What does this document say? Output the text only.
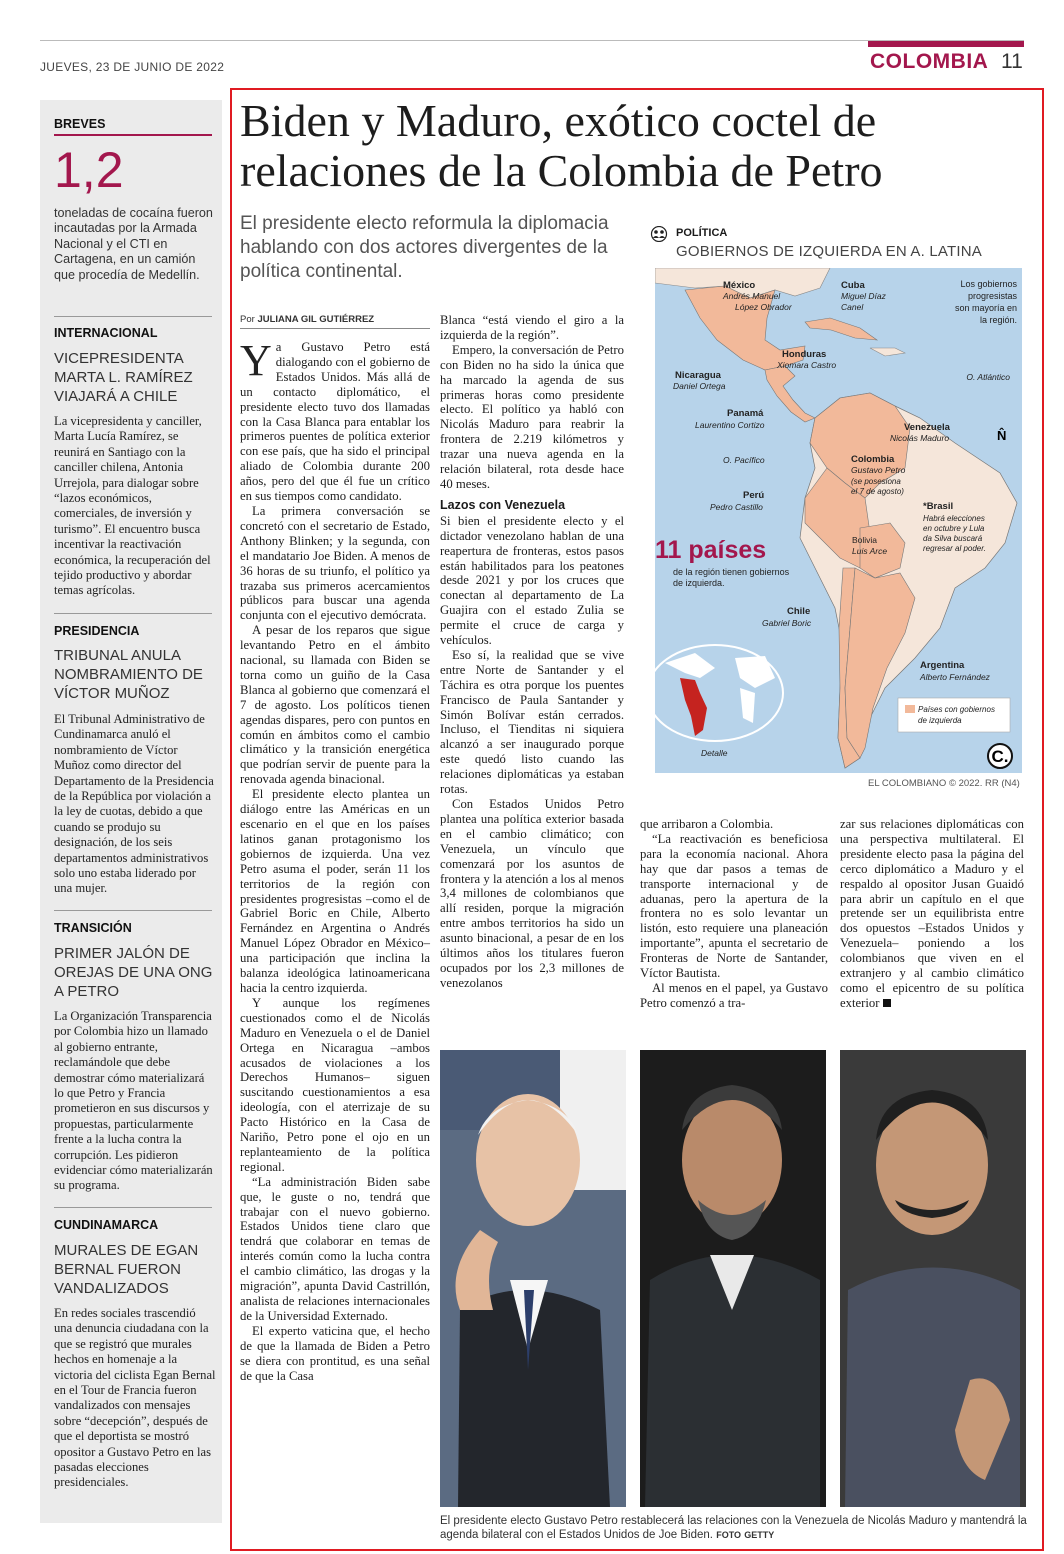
JUEVES, 23 DE JUNIO DE 2022	COLOMBIA 11
BREVES
1,2
toneladas de cocaína fueron incautadas por la Armada Nacional y el CTI en Cartagena, en un camión que procedía de Medellín.
INTERNACIONAL
VICEPRESIDENTA MARTA L. RAMÍREZ VIAJARÁ A CHILE
La vicepresidenta y canciller, Marta Lucía Ramírez, se reunirá en Santiago con la canciller chilena, Antonia Urrejola, para dialogar sobre “lazos económicos, comerciales, de inversión y turismo”. El encuentro busca incentivar la reactivación económica, la recuperación del tejido productivo y abordar temas agrícolas.
PRESIDENCIA
TRIBUNAL ANULA NOMBRAMIENTO DE VÍCTOR MUÑOZ
El Tribunal Administrativo de Cundinamarca anuló el nombramiento de Víctor Muñoz como director del Departamento de la Presidencia de la República por violación a la ley de cuotas, debido a que cuando se produjo su designación, de los seis departamentos administrativos solo uno estaba liderado por una mujer.
TRANSICIÓN
PRIMER JALÓN DE OREJAS DE UNA ONG A PETRO
La Organización Transparencia por Colombia hizo un llamado al gobierno entrante, reclamándole que debe demostrar cómo materializará lo que Petro y Francia prometieron en sus discursos y propuestas, particularmente frente a la lucha contra la corrupción. Les pidieron evidenciar cómo materializarán su programa.
CUNDINAMARCA
MURALES DE EGAN BERNAL FUERON VANDALIZADOS
En redes sociales trascendió una denuncia ciudadana con la que se registró que murales hechos en homenaje a la victoria del ciclista Egan Bernal en el Tour de Francia fueron vandalizados con mensajes sobre “decepción”, después de que el deportista se mostró opositor a Gustavo Petro en las pasadas elecciones presidenciales.
Biden y Maduro, exótico coctel de relaciones de la Colombia de Petro
El presidente electo reformula la diplomacia hablando con dos actores divergentes de la política continental.
Por JULIANA GIL GUTIÉRREZ

Ya Gustavo Petro está dialogando con el gobierno de Estados Unidos. Más allá de un contacto diplomático, el presidente electo tuvo dos llamadas con la Casa Blanca para entablar los primeros puentes de política exterior con ese país, que ha sido el principal aliado de Colombia durante 200 años, pero del que él fue un crítico en sus tiempos como candidato.

La primera conversación se concretó con el secretario de Estado, Anthony Blinken; y la segunda, con el mandatario Joe Biden. A menos de 36 horas de su triunfo, el político ya trazaba sus primeros acercamientos públicos para buscar una agenda conjunta con el ejecutivo demócrata.

A pesar de los reparos que sigue levantando Petro en el ámbito nacional, su llamada con Biden se torna como un guiño de la Casa Blanca al gobierno que comenzará el 7 de agosto. Los políticos tienen agendas dispares, pero con puntos en común en ámbitos como el cambio climático y la transición energética que podrían servir de puente para la renovada agenda binacional.

El presidente electo plantea un diálogo entre las Américas en un escenario en el que en los países latinos ganan protagonismo los gobiernos de izquierda. Una vez Petro asuma el poder, serán 11 los territorios de la región con presidentes progresistas –como el de Gabriel Boric en Chile, Alberto Fernández en Argentina o Andrés Manuel López Obrador en México– una participación que inclina la balanza ideológica latinoamericana hacia la centro izquierda.

Y aunque los regímenes cuestionados como el de Nicolás Maduro en Venezuela o el de Daniel Ortega en Nicaragua –ambos acusados de violaciones a los Derechos Humanos– siguen suscitando cuestionamientos a esa ideología, con el aterrizaje de su Pacto Histórico en la Casa de Nariño, Petro pone el ojo en un replanteamiento de la política regional.

“La administración Biden sabe que, le guste o no, tendrá que trabajar con el nuevo gobierno. Estados Unidos tiene claro que tendrá que colaborar en temas de interés común como la lucha contra el cambio climático, las drogas y la migración”, apunta David Castrillón, analista de relaciones internacionales de la Universidad Externado.

El experto vaticina que, el hecho de que la llamada de Biden a Petro se diera con prontitud, es una señal de que la Casa

Blanca “está viendo el giro a la izquierda de la región”.

Empero, la conversación de Petro con Biden no ha sido la única que ha marcado la agenda de sus primeras horas como presidente electo. El político ya habló con Nicolás Maduro para reabrir la frontera de 2.219 kilómetros y trazar una nueva agenda en la relación bilateral, rota desde hace 40 meses.

Lazos con Venezuela

Si bien el presidente electo y el dictador venezolano hablan de una reapertura de fronteras, estos pasos están habilitados para los peatones desde 2021 y por los cruces que conectan al departamento de La Guajira con el estado Zulia se permite el cruce de carga y vehículos.

Eso sí, la realidad que se vive entre Norte de Santander y el Táchira es otra porque los puentes Francisco de Paula Santander y Simón Bolívar están cerrados. Incluso, el Tienditas ni siquiera alcanzó a ser inaugurado porque este quedó listo cuando las relaciones diplomáticas ya estaban rotas.

Con Estados Unidos Petro plantea una política exterior basada en el cambio climático; con Venezuela, un vínculo que comenzará por los asuntos de frontera y la atención a los al menos 3,4 millones de colombianos que allí residen, porque la migración entre ambos territorios ha sido un asunto binacional, a pesar de en los últimos años los titulares fueron ocupados por los 2,3 millones de venezolanos

que arribaron a Colombia.

“La reactivación es beneficiosa para la economía nacional. Ahora hay que dar pasos a temas de transporte internacional y de aduanas, pero la apertura de la frontera no es solo levantar un listón, esto requiere una planeación importante”, apunta el secretario de Fronteras de Norte de Santander, Víctor Bautista.

Al menos en el papel, ya Gustavo Petro comenzó a tra-

zar sus relaciones diplomáticas con una perspectiva multilateral. El presidente electo pasa la página del cerco diplomático a Maduro y el respaldo al opositor Jusan Guaidó para abrir un capítulo en el que pretende ser un equilibrista entre dos opuestos –Estados Unidos y Venezuela– poniendo a los colombianos que viven en el extranjero y al cambio climático como el epicentro de su política exterior

POLÍTICA
GOBIERNOS DE IZQUIERDA EN A. LATINA
C.
N̂
México
Andrés Manuel
López Obrador
Cuba
Miguel Díaz
Canel
Honduras
Xiomara Castro
Nicaragua
Daniel Ortega
Panamá
Laurentino Cortizo	Venezuela
Nicolás Maduro
Colombia
Gustavo Petro
(se posesiona
el 7 de agosto)
Perú
Pedro Castillo	*Brasil
Habrá elecciones
en octubre y Lula
da Silva buscará
regresar al poder.
Bolivia
Luis Arce
Chile
Gabriel Boric
Argentina
Alberto Fernández
Los gobiernos
progresistas
son mayoría en
la región.
O. Atlántico
O. Pacífico
11 países
de la región tienen gobiernos
de izquierda.
Detalle
Países con gobiernos
de izquierda
EL COLOMBIANO © 2022. RR (N4)
El presidente electo Gustavo Petro restablecerá las relaciones con la Venezuela de Nicolás Maduro y mantendrá la agenda bilateral con el Estados Unidos de Joe Biden. FOTO GETTY
